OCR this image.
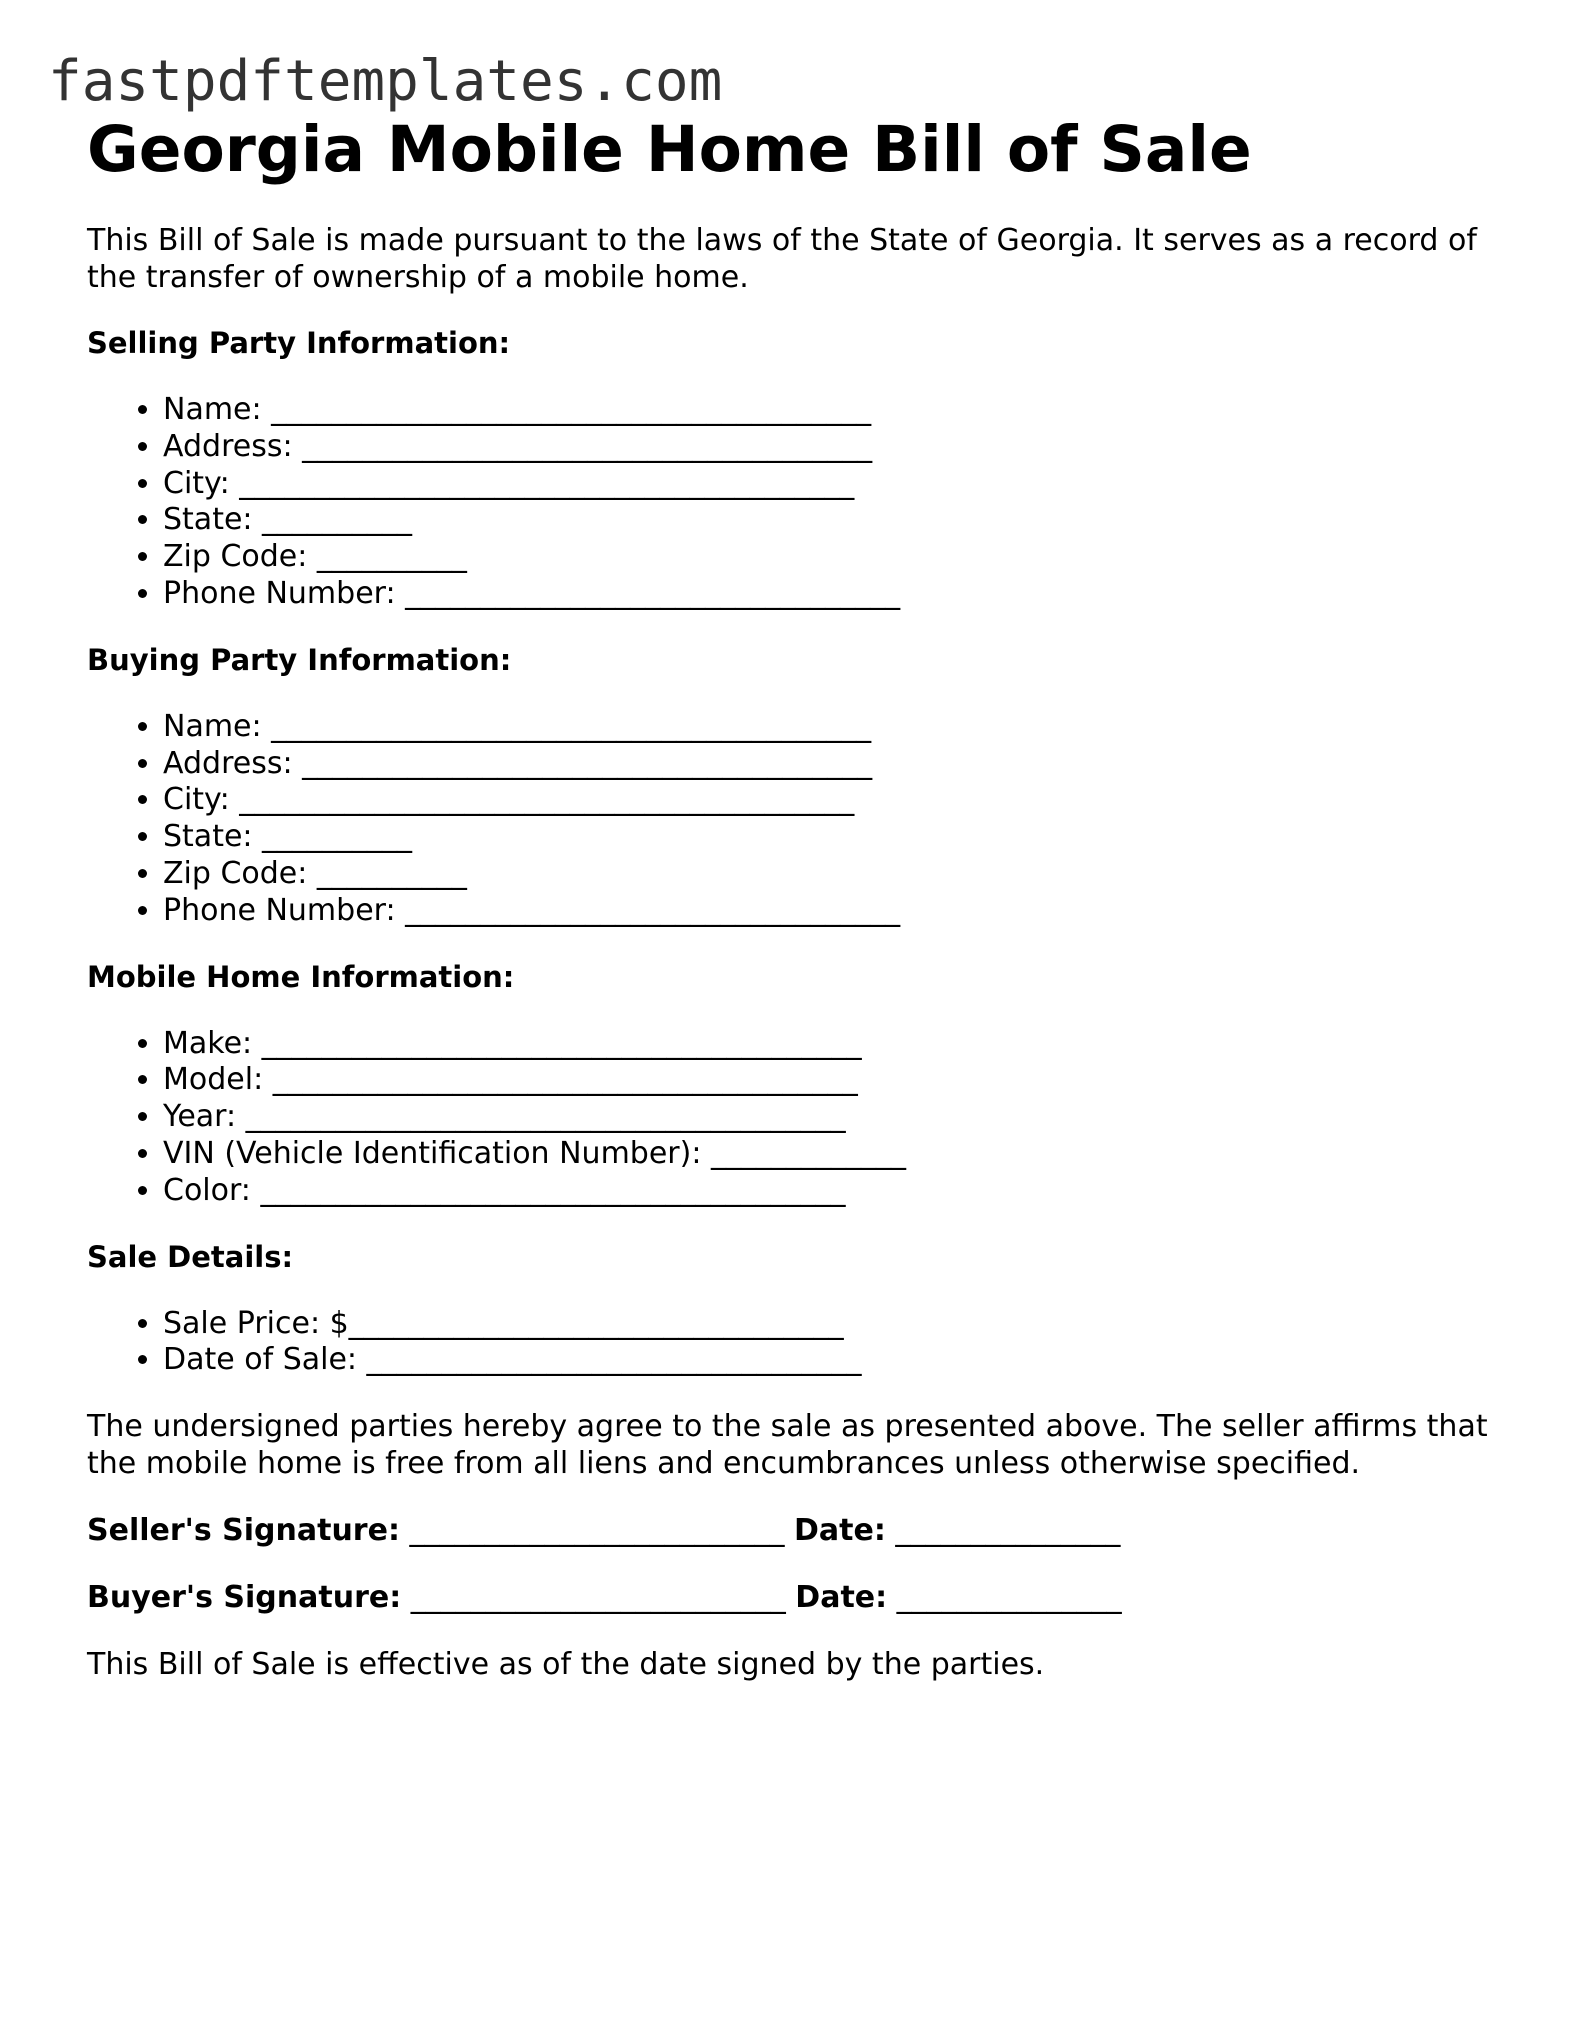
fastpdftemplates.com
Georgia Mobile Home Bill of Sale

This Bill of Sale is made pursuant to the laws of the State of Georgia. It serves as a record of the transfer of ownership of a mobile home.

Selling Party Information:
• Name: ________________________________________
• Address: ______________________________________
• City: _________________________________________
• State: __________
• Zip Code: __________
• Phone Number: _________________________________
Buying Party Information:
• Name: ________________________________________
• Address: ______________________________________
• City: _________________________________________
• State: __________
• Zip Code: __________
• Phone Number: _________________________________
Mobile Home Information:
• Make: ________________________________________
• Model: _______________________________________
• Year: ________________________________________
• VIN (Vehicle Identification Number): _____________
• Color: _______________________________________
Sale Details:
• Sale Price: $_________________________________
• Date of Sale: _________________________________

The undersigned parties hereby agree to the sale as presented above. The seller affirms that the mobile home is free from all liens and encumbrances unless otherwise specified.

Seller's Signature: _________________________ Date: _______________
Buyer's Signature: _________________________ Date: _______________

This Bill of Sale is effective as of the date signed by the parties.
